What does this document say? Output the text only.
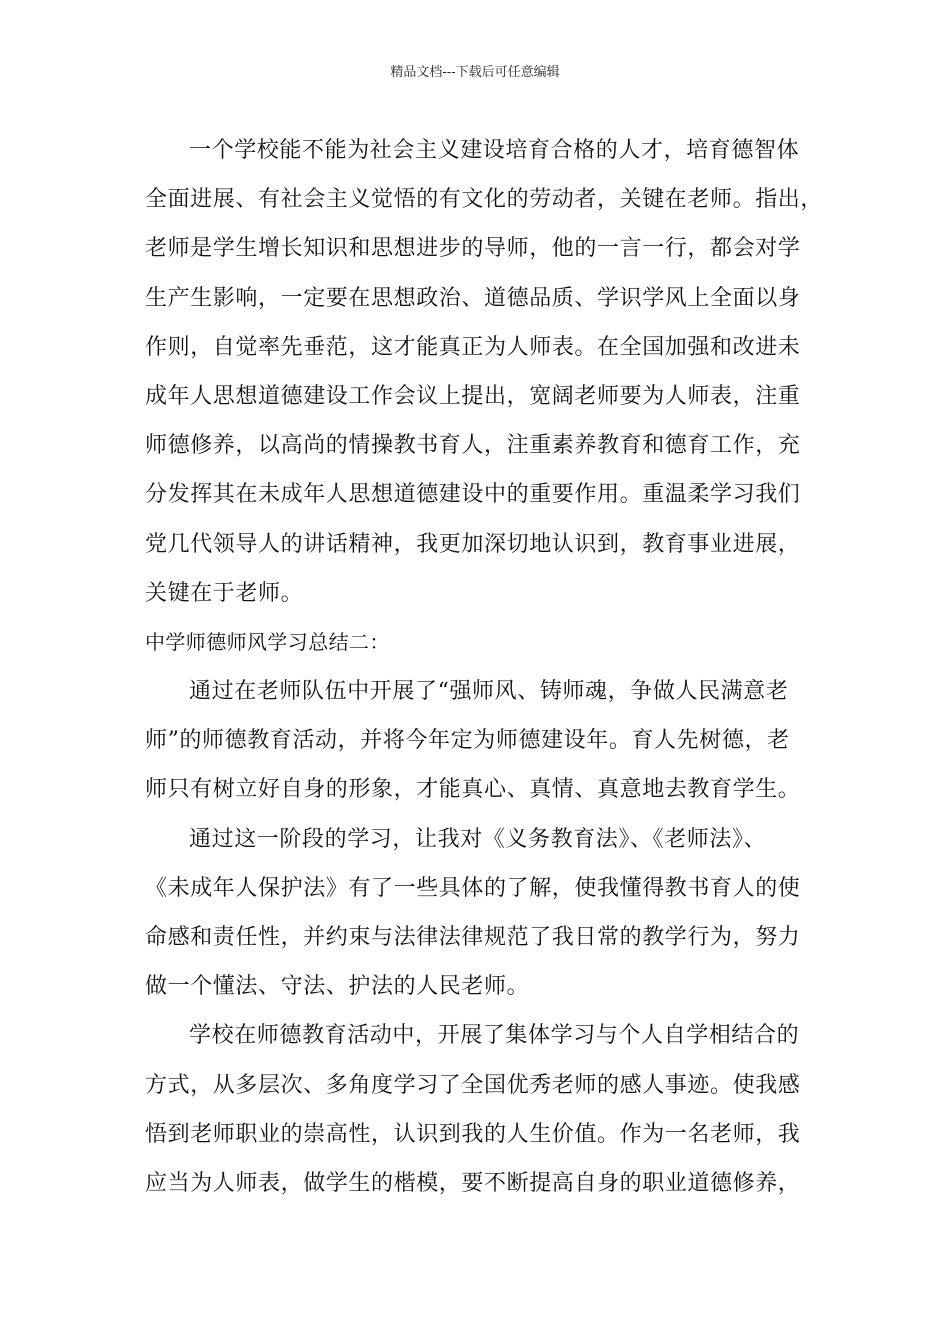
精品文档---下载后可任意编辑
一个学校能不能为社会主义建设培育合格的人才，培育德智体
全面进展、有社会主义觉悟的有文化的劳动者，关键在老师。指出，
老师是学生增长知识和思想进步的导师，他的一言一行，都会对学
生产生影响，一定要在思想政治、道德品质、学识学风上全面以身
作则，自觉率先垂范，这才能真正为人师表。在全国加强和改进未
成年人思想道德建设工作会议上提出，宽阔老师要为人师表，注重
师德修养，以高尚的情操教书育人，注重素养教育和德育工作，充
分发挥其在未成年人思想道德建设中的重要作用。重温柔学习我们
党几代领导人的讲话精神，我更加深切地认识到，教育事业进展，
关键在于老师。
中学师德师风学习总结二：
通过在老师队伍中开展了“强师风、铸师魂，争做人民满意老
师”的师德教育活动，并将今年定为师德建设年。育人先树德，老
师只有树立好自身的形象，才能真心、真情、真意地去教育学生。
通过这一阶段的学习，让我对《义务教育法》、《老师法》、
《未成年人保护法》有了一些具体的了解，使我懂得教书育人的使
命感和责任性，并约束与法律法律规范了我日常的教学行为，努力
做一个懂法、守法、护法的人民老师。
学校在师德教育活动中，开展了集体学习与个人自学相结合的
方式，从多层次、多角度学习了全国优秀老师的感人事迹。使我感
悟到老师职业的崇高性，认识到我的人生价值。作为一名老师，我
应当为人师表，做学生的楷模，要不断提高自身的职业道德修养，
